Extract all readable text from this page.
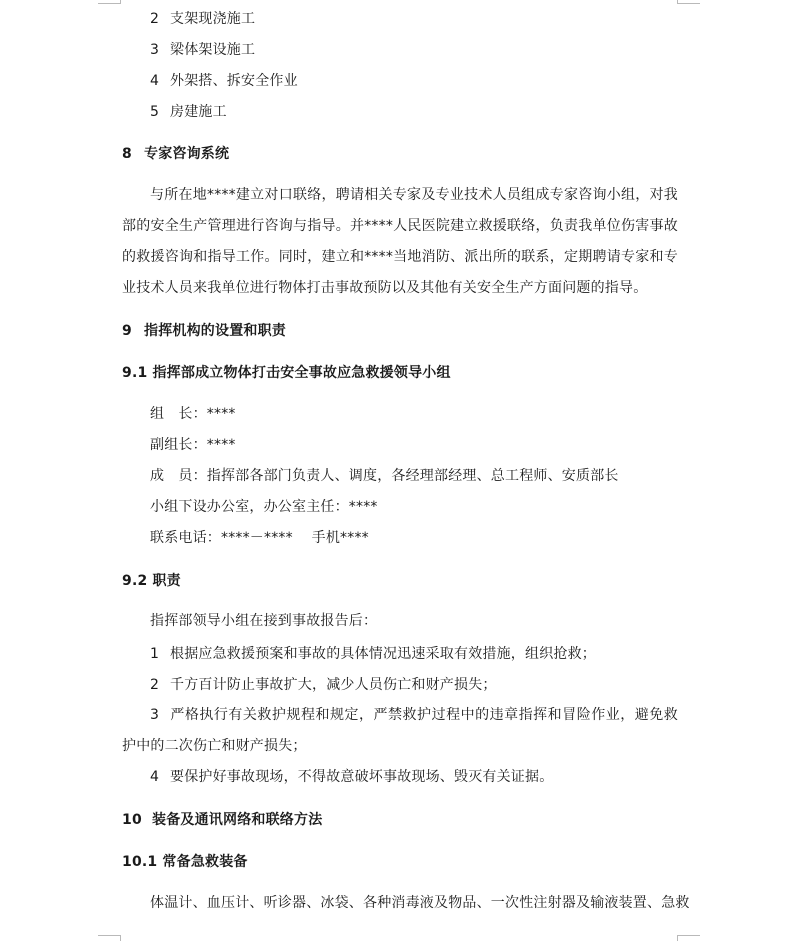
2 支架现浇施工
3 梁体架设施工
4 外架搭、拆安全作业
5 房建施工
8 专家咨询系统
与所在地****建立对口联络，聘请相关专家及专业技术人员组成专家咨询小组，对我部的安全生产管理进行咨询与指导。并****人民医院建立救援联络，负责我单位伤害事故的救援咨询和指导工作。同时，建立和****当地消防、派出所的联系，定期聘请专家和专业技术人员来我单位进行物体打击事故预防以及其他有关安全生产方面问题的指导。
9 指挥机构的设置和职责
9.1 指挥部成立物体打击安全事故应急救援领导小组
组　长：****
副组长：****
成　员：指挥部各部门负责人、调度，各经理部经理、总工程师、安质部长
小组下设办公室，办公室主任：****
联系电话：****－****　 手机****
9.2 职责
指挥部领导小组在接到事故报告后：
1 根据应急救援预案和事故的具体情况迅速采取有效措施，组织抢救；
2 千方百计防止事故扩大，减少人员伤亡和财产损失；
3 严格执行有关救护规程和规定，严禁救护过程中的违章指挥和冒险作业，避免救护中的二次伤亡和财产损失；
4 要保护好事故现场，不得故意破坏事故现场、毁灭有关证据。
10 装备及通讯网络和联络方法
10.1 常备急救装备
体温计、血压计、听诊器、冰袋、各种消毒液及物品、一次性注射器及输液装置、急救
